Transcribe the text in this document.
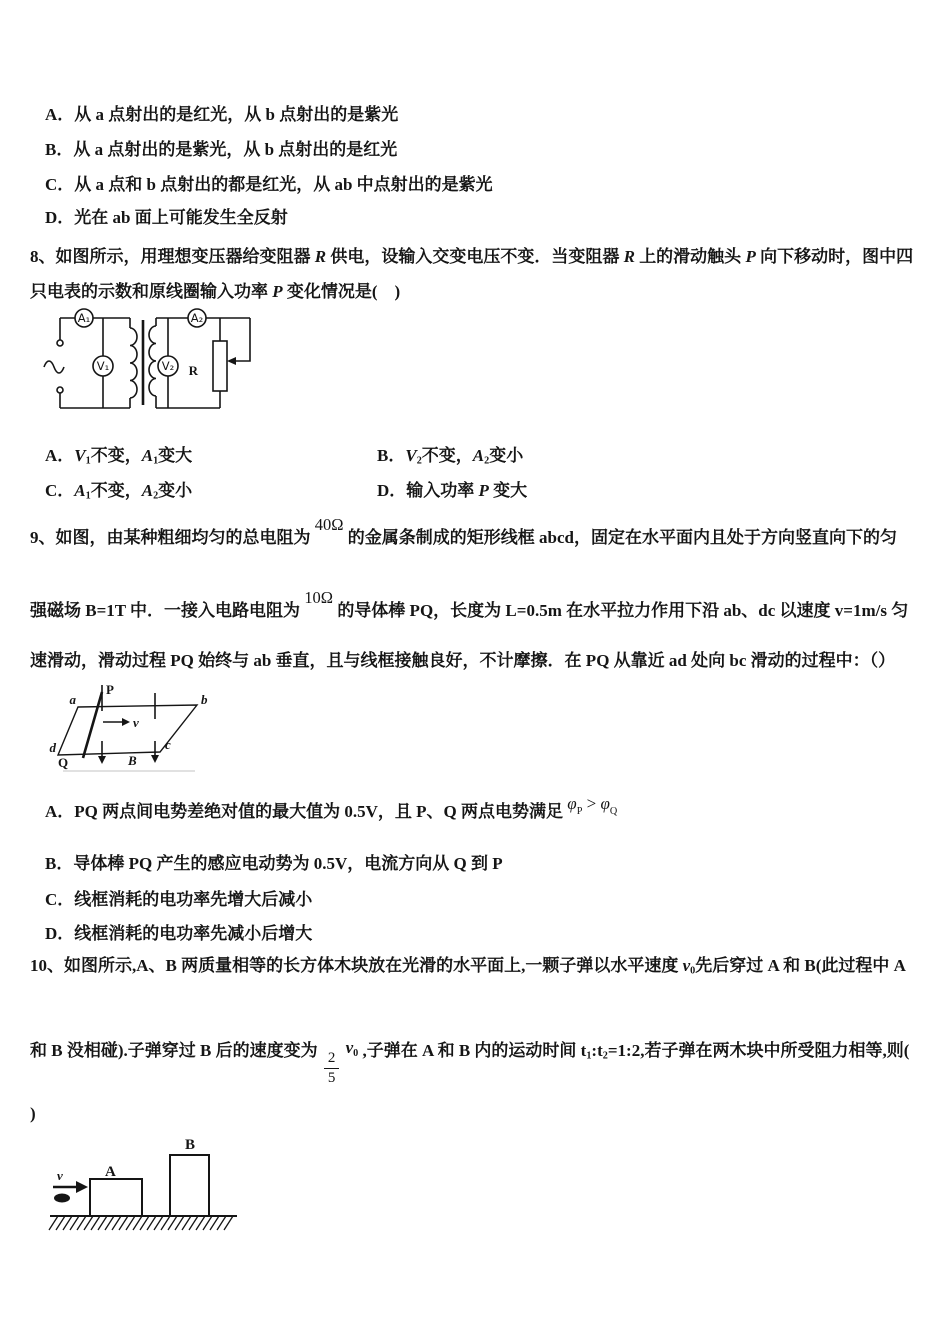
A．从 a 点射出的是红光，从 b 点射出的是紫光
B．从 a 点射出的是紫光，从 b 点射出的是红光
C．从 a 点和 b 点射出的都是红光，从 ab 中点射出的是紫光
D．光在 ab 面上可能发生全反射
8、如图所示，用理想变压器给变阻器 R 供电，设输入交变电压不变．当变阻器 R 上的滑动触头 P 向下移动时，图中四
只电表的示数和原线圈输入功率 P 变化情况是(　)
A₁
V₁
A₂
V₂ R
A．$V_1$不变，$A_1$变大	B．$V_2$不变，$A_2$变小
C．$A_1$不变，$A_2$变小	D．输入功率 P 变大
9、如图，由某种粗细均匀的总电阻为 40Ω 的金属条制成的矩形线框 abcd，固定在水平面内且处于方向竖直向下的匀
强磁场 B=1T 中．一接入电路电阻为 10Ω 的导体棒 PQ，长度为 L=0.5m 在水平拉力作用下沿 ab、dc 以速度 v=1m/s 匀
速滑动，滑动过程 PQ 始终与 ab 垂直，且与线框接触良好，不计摩擦．在 PQ 从靠近 ad 处向 bc 滑动的过程中：（）
a	b
c
d
P
Q
v
B
A．PQ 两点间电势差绝对值的最大值为 0.5V，且 P、Q 两点电势满足 φP > φQ
B．导体棒 PQ 产生的感应电动势为 0.5V，电流方向从 Q 到 P
C．线框消耗的电功率先增大后减小
D．线框消耗的电功率先减小后增大
10、如图所示,A、B 两质量相等的长方体木块放在光滑的水平面上,一颗子弹以水平速度 $v_0$先后穿过 A 和 B(此过程中 A
和 B 没相碰).子弹穿过 B 后的速度变为 $\frac{2}{5}$
$v_0$ ,子弹在 A 和 B 内的运动时间 $t_1:t_2=1:2$,若子弹在两木块中所受阻力相等,则(
)
A
B
v
